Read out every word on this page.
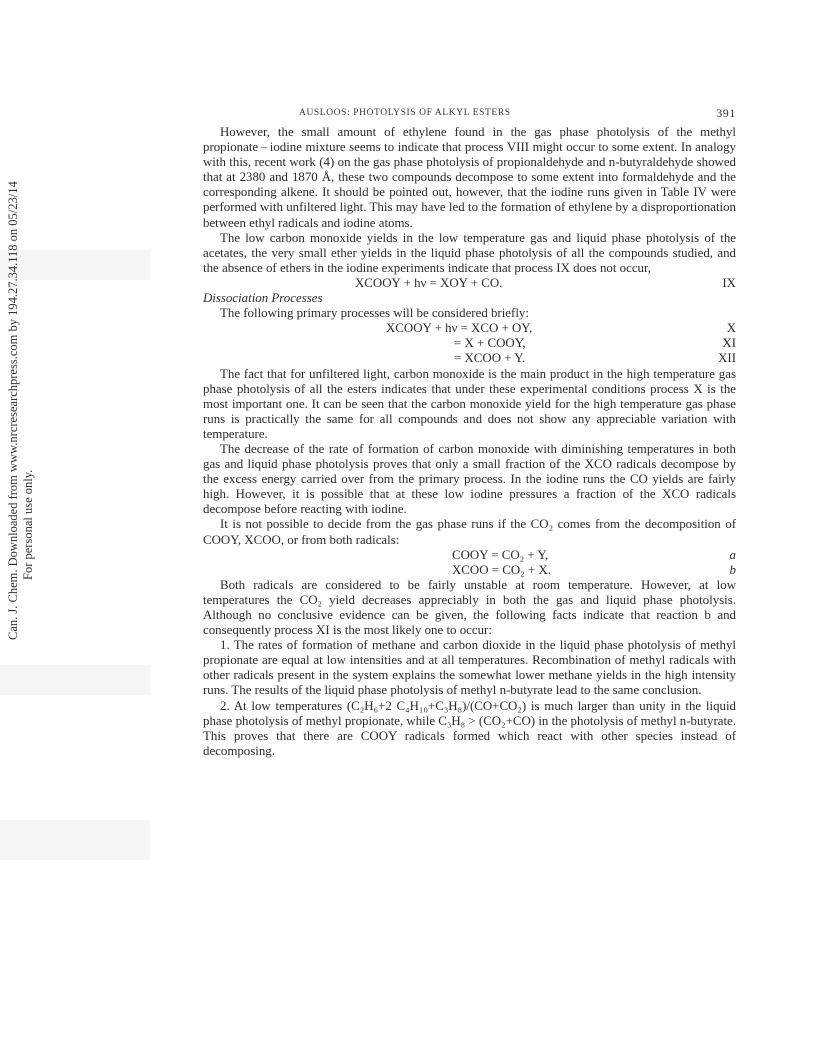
Can. J. Chem. Downloaded from www.nrcresearchpress.com by 194.27.34.118 on 05/23/14 For personal use only.
AUSLOOS: PHOTOLYSIS OF ALKYL ESTERS	391

However, the small amount of ethylene found in the gas phase photolysis of the methyl propionate – iodine mixture seems to indicate that process VIII might occur to some extent. In analogy with this, recent work (4) on the gas phase photolysis of propionaldehyde and n-butyraldehyde showed that at 2380 and 1870 Å, these two compounds decompose to some extent into formaldehyde and the corresponding alkene. It should be pointed out, however, that the iodine runs given in Table IV were performed with unfiltered light. This may have led to the formation of ethylene by a disproportionation between ethyl radicals and iodine atoms.

The low carbon monoxide yields in the low temperature gas and liquid phase photolysis of the acetates, the very small ether yields in the liquid phase photolysis of all the compounds studied, and the absence of ethers in the iodine experiments indicate that process IX does not occur,

XCOOY + hν = XOY + CO.	IX
Dissociation Processes

The following primary processes will be considered briefly:

XCOOY + hν = XCO + OY,	X
= X + COOY,	XI
= XCOO + Y.	XII

The fact that for unfiltered light, carbon monoxide is the main product in the high temperature gas phase photolysis of all the esters indicates that under these experimental conditions process X is the most important one. It can be seen that the carbon monoxide yield for the high temperature gas phase runs is practically the same for all compounds and does not show any appreciable variation with temperature.

The decrease of the rate of formation of carbon monoxide with diminishing temperatures in both gas and liquid phase photolysis proves that only a small fraction of the XCO radicals decompose by the excess energy carried over from the primary process. In the iodine runs the CO yields are fairly high. However, it is possible that at these low iodine pressures a fraction of the XCO radicals decompose before reacting with iodine.

It is not possible to decide from the gas phase runs if the CO₂ comes from the decomposition of COOY, XCOO, or from both radicals:

COOY = CO₂ + Y,	a
XCOO = CO₂ + X.	b

Both radicals are considered to be fairly unstable at room temperature. However, at low temperatures the CO₂ yield decreases appreciably in both the gas and liquid phase photolysis. Although no conclusive evidence can be given, the following facts indicate that reaction b and consequently process XI is the most likely one to occur:

1. The rates of formation of methane and carbon dioxide in the liquid phase photolysis of methyl propionate are equal at low intensities and at all temperatures. Recombination of methyl radicals with other radicals present in the system explains the somewhat lower methane yields in the high intensity runs. The results of the liquid phase photolysis of methyl n-butyrate lead to the same conclusion.

2. At low temperatures (C₂H₆+2 C₄H₁₀+C₃H₈)/(CO+CO₂) is much larger than unity in the liquid phase photolysis of methyl propionate, while C₃H₈ > (CO₂+CO) in the photolysis of methyl n-butyrate. This proves that there are COOY radicals formed which react with other species instead of decomposing.
